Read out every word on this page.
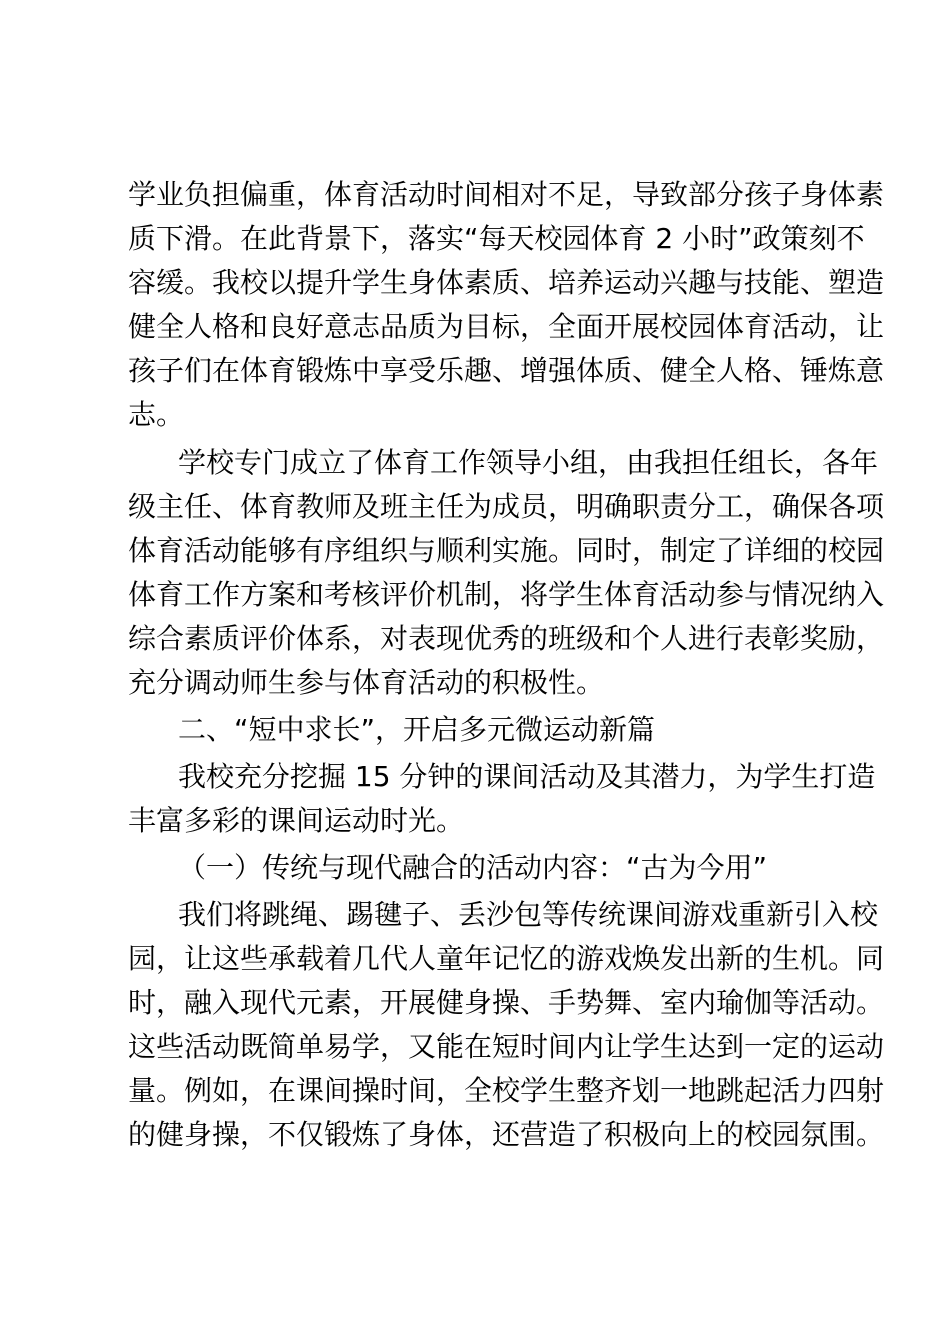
学业负担偏重，体育活动时间相对不足，导致部分孩子身体素
质下滑。在此背景下，落实“每天校园体育 2 小时”政策刻不
容缓。我校以提升学生身体素质、培养运动兴趣与技能、塑造
健全人格和良好意志品质为目标，全面开展校园体育活动，让
孩子们在体育锻炼中享受乐趣、增强体质、健全人格、锤炼意
志。
学校专门成立了体育工作领导小组，由我担任组长，各年
级主任、体育教师及班主任为成员，明确职责分工，确保各项
体育活动能够有序组织与顺利实施。同时，制定了详细的校园
体育工作方案和考核评价机制，将学生体育活动参与情况纳入
综合素质评价体系，对表现优秀的班级和个人进行表彰奖励，
充分调动师生参与体育活动的积极性。
二、“短中求长”，开启多元微运动新篇
我校充分挖掘 15 分钟的课间活动及其潜力，为学生打造
丰富多彩的课间运动时光。
（一）传统与现代融合的活动内容：“古为今用”
我们将跳绳、踢毽子、丢沙包等传统课间游戏重新引入校
园，让这些承载着几代人童年记忆的游戏焕发出新的生机。同
时，融入现代元素，开展健身操、手势舞、室内瑜伽等活动。
这些活动既简单易学，又能在短时间内让学生达到一定的运动
量。例如，在课间操时间，全校学生整齐划一地跳起活力四射
的健身操，不仅锻炼了身体，还营造了积极向上的校园氛围。
